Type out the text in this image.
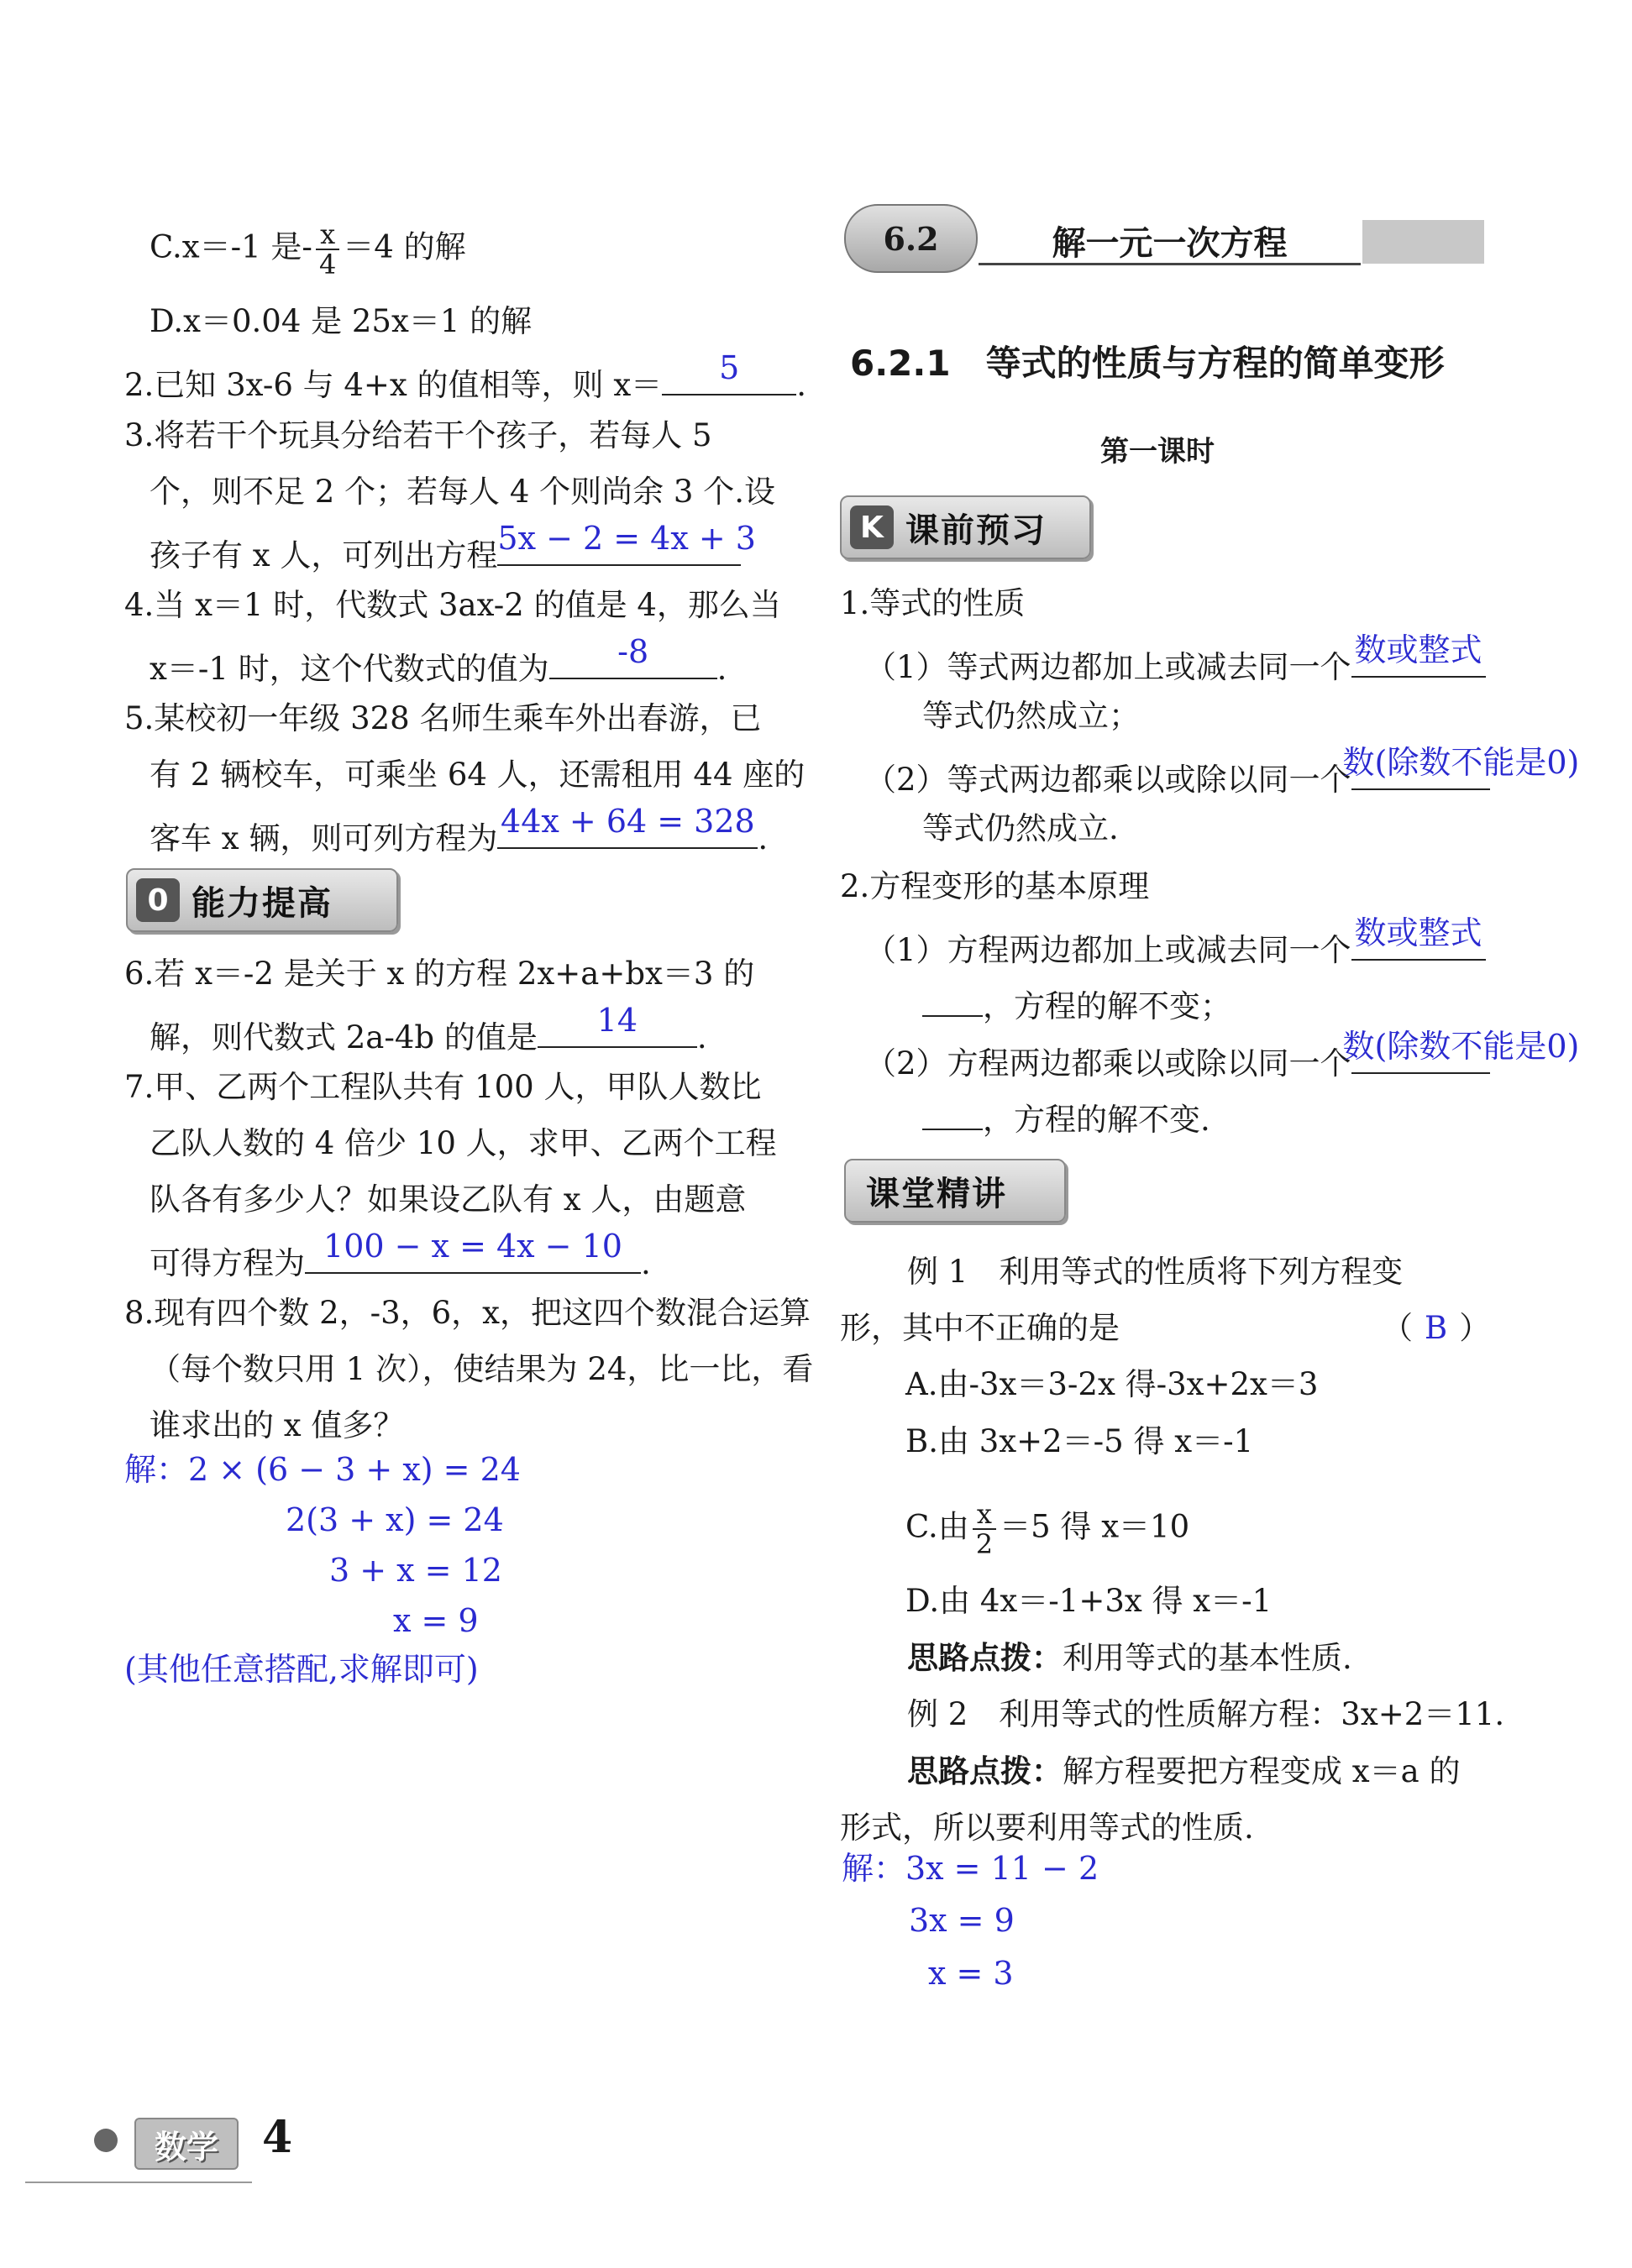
C.x＝-1 是- $\frac{x}{4} =4$ 的解
D.x＝0.04 是 25x＝1 的解
2.已知 3x-6 与 4+x 的值相等，则 x＝	5	.
3.将若干个玩具分给若干个孩子，若每人 5
个，则不足 2 个；若每人 4 个则尚余 3 个.设
孩子有 x 人，可列出方程 5x − 2 = 4x + 3
4.当 x＝1 时，代数式 3ax-2 的值是 4，那么当
x＝-1 时，这个代数式的值为	-8	.
5.某校初一年级 328 名师生乘车外出春游，已
有 2 辆校车，可乘坐 64 人，还需租用 44 座的
客车 x 辆，则可列方程为 44x + 64 = 328 .
0 能力提高
6.若 x＝-2 是关于 x 的方程 2x+a+bx＝3 的
解，则代数式 2a-4b 的值是	14	.
7.甲、乙两个工程队共有 100 人，甲队人数比
乙队人数的 4 倍少 10 人，求甲、乙两个工程
队各有多少人？如果设乙队有 x 人，由题意
可得方程为 100 − x = 4x − 10 .
8.现有四个数 2，-3，6，x，把这四个数混合运算
（每个数只用 1 次），使结果为 24，比一比，看
谁求出的 x 值多？
解：2 × (6 − 3 + x) = 24
2(3 + x) = 24
3 + x = 12
x = 9
(其他任意搭配,求解即可)
数学 4
6.2	解一元一次方程
6.2.1　等式的性质与方程的简单变形
第一课时
K 课前预习
1.等式的性质
（1）等式两边都加上或减去同一个 数或整式
等式仍然成立；
（2）等式两边都乘以或除以同一个
数(除数不能是0)
等式仍然成立.
2.方程变形的基本原理
（1）方程两边都加上或减去同一个 数或整式
，方程的解不变；
（2）方程两边都乘以或除以同一个
数(除数不能是0)
，方程的解不变.
课堂精讲
例 1　利用等式的性质将下列方程变
形，其中不正确的是	（ B ）
A.由-3x＝3-2x 得-3x+2x＝3
B.由 3x+2＝-5 得 x＝-1
C.由 $\frac{x}{2} =5$ 得 x＝10
D.由 4x＝-1+3x 得 x＝-1
思路点拨：利用等式的基本性质.
例 2　利用等式的性质解方程：3x+2＝11.
思路点拨：解方程要把方程变成 x＝a 的
形式，所以要利用等式的性质.
解：3x = 11 − 2
3x = 9
x = 3
